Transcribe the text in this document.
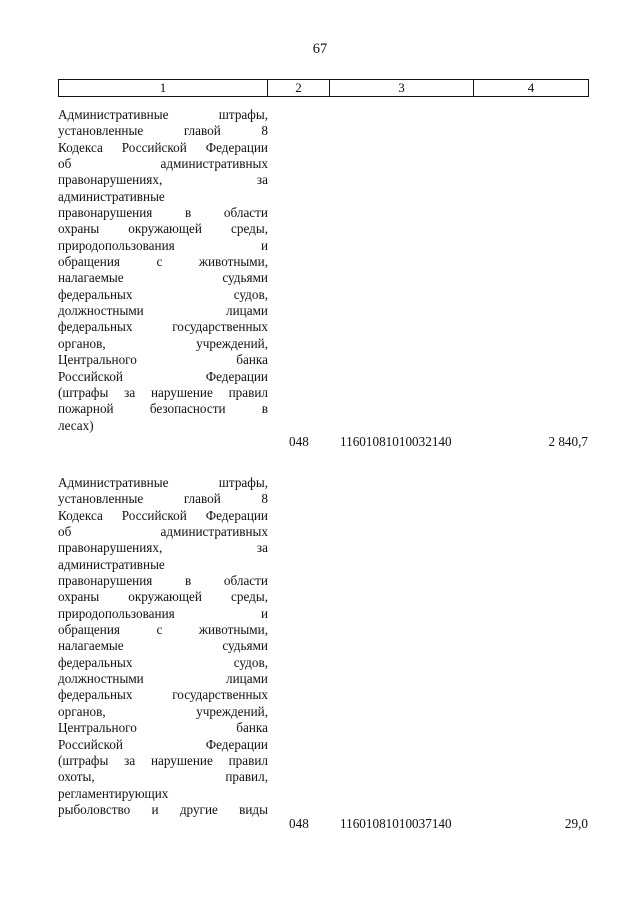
67
1	2	3	4
Административные штрафы,
установленные главой 8
Кодекса Российской Федерации
об административных
правонарушениях, за
административные
правонарушения в области
охраны окружающей среды,
природопользования и
обращения с животными,
налагаемые судьями
федеральных судов,
должностными лицами
федеральных государственных
органов, учреждений,
Центрального банка
Российской Федерации
(штрафы за нарушение правил
пожарной безопасности в
лесах)
048 11601081010032140	2 840,7
Административные штрафы,
установленные главой 8
Кодекса Российской Федерации
об административных
правонарушениях, за
административные
правонарушения в области
охраны окружающей среды,
природопользования и
обращения с животными,
налагаемые судьями
федеральных судов,
должностными лицами
федеральных государственных
органов, учреждений,
Центрального банка
Российской Федерации
(штрафы за нарушение правил
охоты, правил,
регламентирующих
рыболовство и другие виды
048 11601081010037140	29,0
